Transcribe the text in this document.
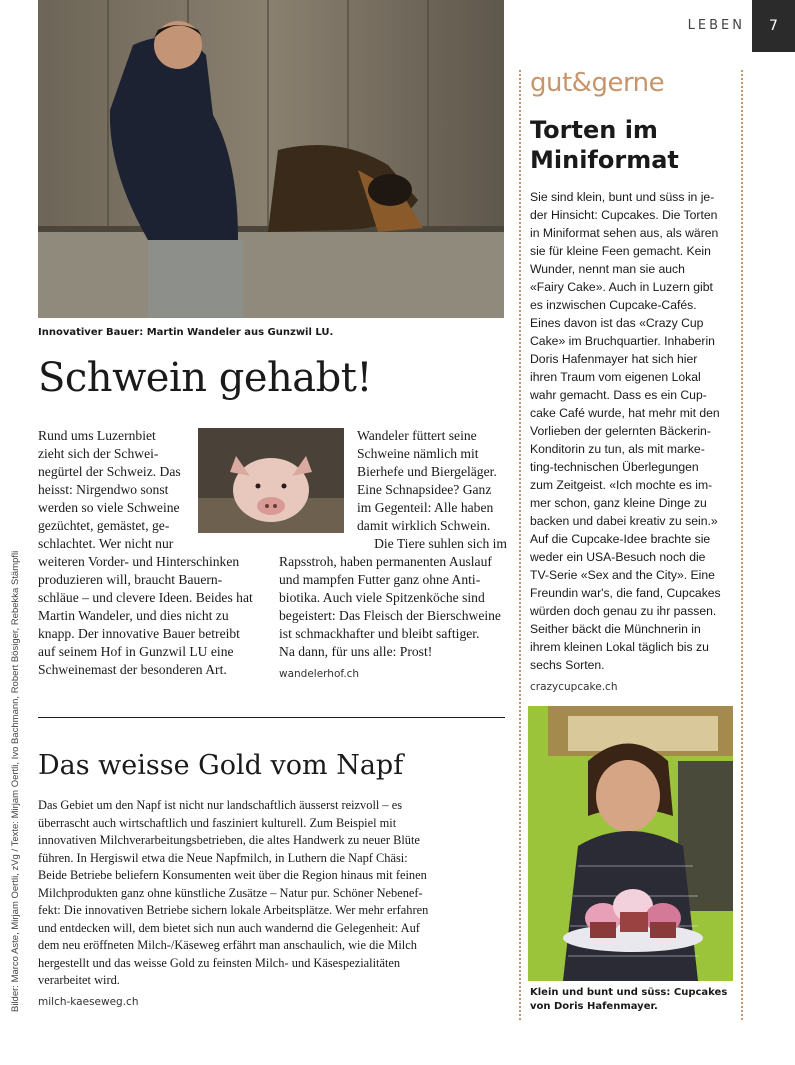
LEBEN	7
Innovativer Bauer: Martin Wandeler aus Gunzwil LU.
Schwein gehabt!

Rund ums Luzernbiet

zieht sich der Schwei-

negürtel der Schweiz. Das

heisst: Nirgendwo sonst

werden so viele Schweine

gezüchtet, gemästet, ge-

schlachtet. Wer nicht nur

weiteren Vorder- und Hinterschinken

produzieren will, braucht Bauern-

schläue – und clevere Ideen. Beides hat

Martin Wandeler, und dies nicht zu

knapp. Der innovative Bauer betreibt

auf seinem Hof in Gunzwil LU eine

Schweinemast der besonderen Art.

Wandeler füttert seine

Schweine nämlich mit

Bierhefe und Biergeläger.

Eine Schnapsidee? Ganz

im Gegenteil: Alle haben

damit wirklich Schwein.

Die Tiere suhlen sich im

Rapsstroh, haben permanenten Auslauf

und mampfen Futter ganz ohne Anti-

biotika. Auch viele Spitzenköche sind

begeistert: Das Fleisch der Bierschweine

ist schmackhafter und bleibt saftiger.

Na dann, für uns alle: Prost!

wandelerhof.ch

Das weisse Gold vom Napf

Das Gebiet um den Napf ist nicht nur landschaftlich äusserst reizvoll – es

überrascht auch wirtschaftlich und fasziniert kulturell. Zum Beispiel mit

innovativen Milchverarbeitungsbetrieben, die altes Handwerk zu neuer Blüte

führen. In Hergiswil etwa die Neue Napfmilch, in Luthern die Napf Chäsi:

Beide Betriebe beliefern Konsumenten weit über die Region hinaus mit feinen

Milchprodukten ganz ohne künstliche Zusätze – Natur pur. Schöner Nebenef-

fekt: Die innovativen Betriebe sichern lokale Arbeitsplätze. Wer mehr erfahren

und entdecken will, dem bietet sich nun auch wandernd die Gelegenheit: Auf

dem neu eröffneten Milch-/Käseweg erfährt man anschaulich, wie die Milch

hergestellt und das weisse Gold zu feinsten Milch- und Käsespezialitäten

verarbeitet wird.

milch-kaeseweg.ch

Bilder: Marco Aste, Mirjam Oertli, zVg / Texte: Mirjam Oertli, Ivo Bachmann, Robert Bösiger, Rebekka Stämpfli
gut&gerne
Torten im
Miniformat

Sie sind klein, bunt und süss in je-

der Hinsicht: Cupcakes. Die Torten

in Miniformat sehen aus, als wären

sie für kleine Feen gemacht. Kein

Wunder, nennt man sie auch

«Fairy Cake». Auch in Luzern gibt

es inzwischen Cupcake-Cafés.

Eines davon ist das «Crazy Cup

Cake» im Bruchquartier. Inhaberin

Doris Hafenmayer hat sich hier

ihren Traum vom eigenen Lokal

wahr gemacht. Dass es ein Cup-

cake Café wurde, hat mehr mit den

Vorlieben der gelernten Bäckerin-

Konditorin zu tun, als mit marke-

ting-technischen Überlegungen

zum Zeitgeist. «Ich mochte es im-

mer schon, ganz kleine Dinge zu

backen und dabei kreativ zu sein.»

Auf die Cupcake-Idee brachte sie

weder ein USA-Besuch noch die

TV-Serie «Sex and the City». Eine

Freundin war's, die fand, Cupcakes

würden doch genau zu ihr passen.

Seither bäckt die Münchnerin in

ihrem kleinen Lokal täglich bis zu

sechs Sorten.

crazycupcake.ch

Klein und bunt und süss: Cupcakes
von Doris Hafenmayer.
